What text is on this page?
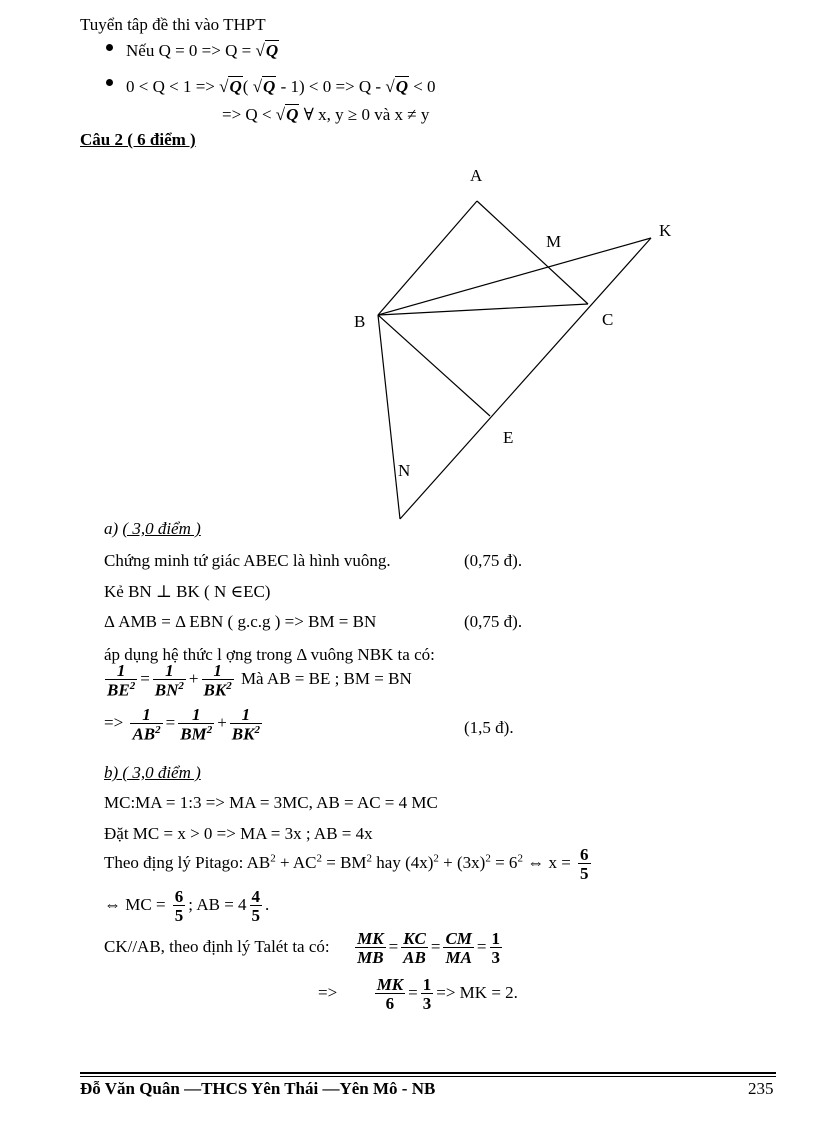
Tuyển tâp đề thi vào THPT
Nếu Q = 0 => Q = √Q
0 < Q < 1 => √Q( √Q - 1) < 0 => Q - √Q < 0
=> Q < √Q ∀ x, y ≥ 0 và x ≠ y
Câu 2 ( 6 điểm )
A
M
K
B	C
E
N
a) ( 3,0 điểm )
Chứng minh tứ giác ABEC là hình vuông.	(0,75 đ).
Kẻ BN ⊥ BK ( N ∈EC)
Δ AMB = Δ EBN ( g.c.g ) => BM = BN	(0,75 đ).
áp dụng hệ thức l ợng trong Δ vuông NBK ta có:
$\frac{1}{BE^2} = \frac{1}{BN^2} + \frac{1}{BK^2}$ Mà AB = BE ; BM = BN
=> $\frac{1}{AB^2} = \frac{1}{BM^2} + \frac{1}{BK^2}$	(1,5 đ).
b) ( 3,0 điểm )
MC:MA = 1:3 => MA = 3MC, AB = AC = 4 MC
Đặt MC = x > 0 => MA = 3x ; AB = 4x
Theo địng lý Pitago: $AB^2 + AC^2 = BM^2$ hay $(4x)^2 + (3x)^2 = 6^2$ ⇔ $x = \frac{6}{5}$
⇔ MC = $\frac{6}{5}$ ; AB = $4 \frac{4}{5}$ .
CK//AB, theo định lý Talét ta có: $\frac{MK}{MB} = \frac{KC}{AB} = \frac{CM}{MA} = \frac{1}{3}$
=> $\frac{MK}{6} = \frac{1}{3}$ => MK = 2.
Đỗ Văn Quân —THCS Yên Thái —Yên Mô - NB	235
